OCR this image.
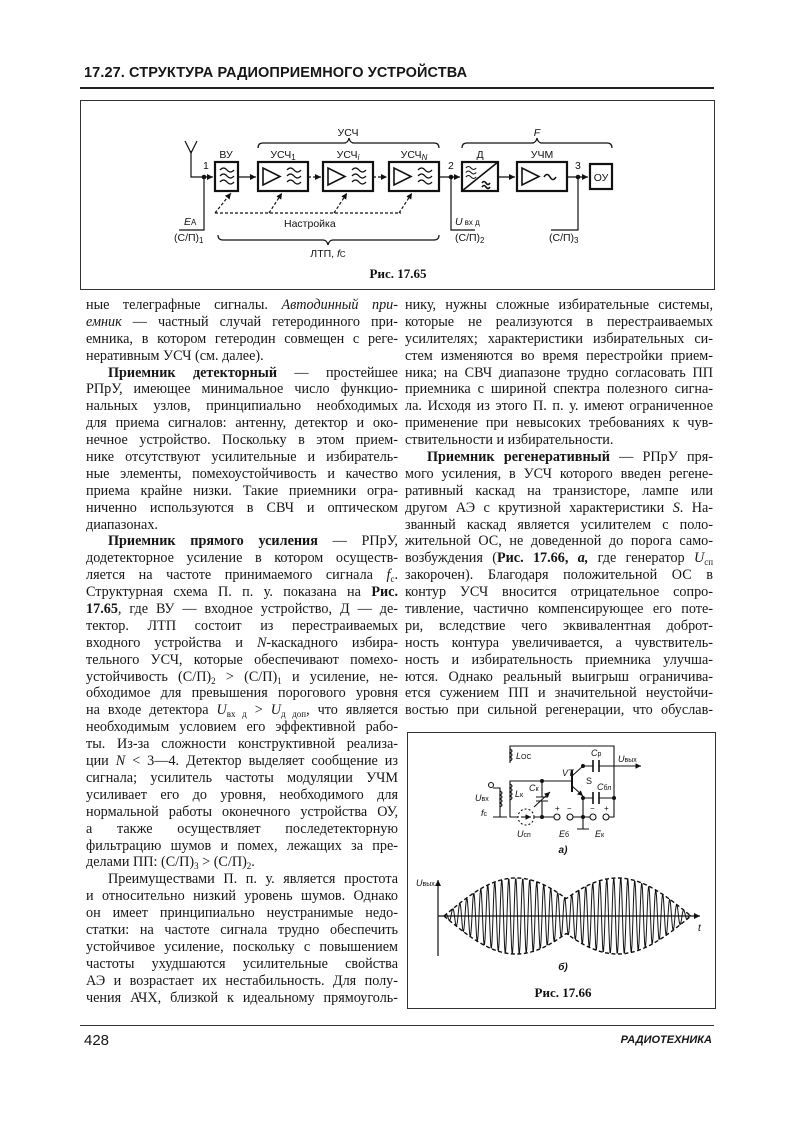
17.27. СТРУКТУРА РАДИОПРИЕМНОГО УСТРОЙСТВА
ВУ	УСЧ1	УСЧi	УСЧN	Д	УЧМ
ОУ
УСЧ	F
1	2	3
EA
(С/П)1
U вх д
(С/П)2	(С/П)3
Настройка
ЛТП, fC
Рис. 17.65
ные телеграфные сигналы. Автодинный при-
емник — частный случай гетеродинного при-
емника, в котором гетеродин совмещен с реге-
неративным УСЧ (см. далее).
Приемник детекторный — простейшее
РПрУ, имеющее минимальное число функцио-
нальных узлов, принципиально необходимых
для приема сигналов: антенну, детектор и око-
нечное устройство. Поскольку в этом прием-
нике отсутствуют усилительные и избиратель-
ные элементы, помехоустойчивость и качество
приема крайне низки. Такие приемники огра-
ниченно используются в СВЧ и оптическом
диапазонах.
Приемник прямого усиления — РПрУ,
додетекторное усиление в котором осуществ-
ляется на частоте принимаемого сигнала $f_c$.
Структурная схема П. п. у. показана на Рис.
17.65, где ВУ — входное устройство, Д — де-
тектор. ЛТП состоит из перестраиваемых
входного устройства и N-каскадного избира-
тельного УСЧ, которые обеспечивают помехо-
устойчивость $(С/П)_2 > (С/П)_1$ и усиление, не-
обходимое для превышения порогового уровня
на входе детектора $U_{вх д} > U_{д доп}$, что является
необходимым условием его эффективной рабо-
ты. Из-за сложности конструктивной реализа-
ции N < 3—4. Детектор выделяет сообщение из
сигнала; усилитель частоты модуляции УЧМ
усиливает его до уровня, необходимого для
нормальной работы оконечного устройства ОУ,
а также осуществляет последетекторную
фильтрацию шумов и помех, лежащих за пре-
делами ПП: $(С/П)_3 > (С/П)_2$.
Преимуществами П. п. у. является простота
и относительно низкий уровень шумов. Однако
он имеет принципиально неустранимые недо-
статки: на частоте сигнала трудно обеспечить
устойчивое усиление, поскольку с повышением
частоты ухудшаются усилительные свойства
АЭ и возрастает их нестабильность. Для полу-
чения АЧХ, близкой к идеальному прямоуголь-
нику, нужны сложные избирательные системы,
которые не реализуются в перестраиваемых
усилителях; характеристики избирательных си-
стем изменяются во время перестройки прием-
ника; на СВЧ диапазоне трудно согласовать ПП
приемника с шириной спектра полезного сигна-
ла. Исходя из этого П. п. у. имеют ограниченное
применение при невысоких требованиях к чув-
ствительности и избирательности.
Приемник регенеративный — РПрУ пря-
мого усиления, в УСЧ которого введен регене-
ративный каскад на транзисторе, лампе или
другом АЭ с крутизной характеристики S. На-
званный каскад является усилителем с поло-
жительной ОС, не доведенной до порога само-
возбуждения (Рис. 17.66, а, где генератор $U_{сп}$
закорочен). Благодаря положительной ОС в
контур УСЧ вносится отрицательное сопро-
тивление, частично компенсирующее его поте-
ри, вследствие чего эквивалентная доброт-
ность контура увеличивается, а чувствитель-
ность и избирательность приемника улучша-
ются. Однако реальный выигрыш ограничива-
ется сужением ПП и значительной неустойчи-
востью при сильной регенерации, что обуслав-
LOC	Cр Uвых
VT
S
Cбл
Uвх
Lк
Cк
fс
Uсп	Eб	Eк
+ − − +
а)
Uвых
t
б)
Рис. 17.66
428	РАДИОТЕХНИКА
